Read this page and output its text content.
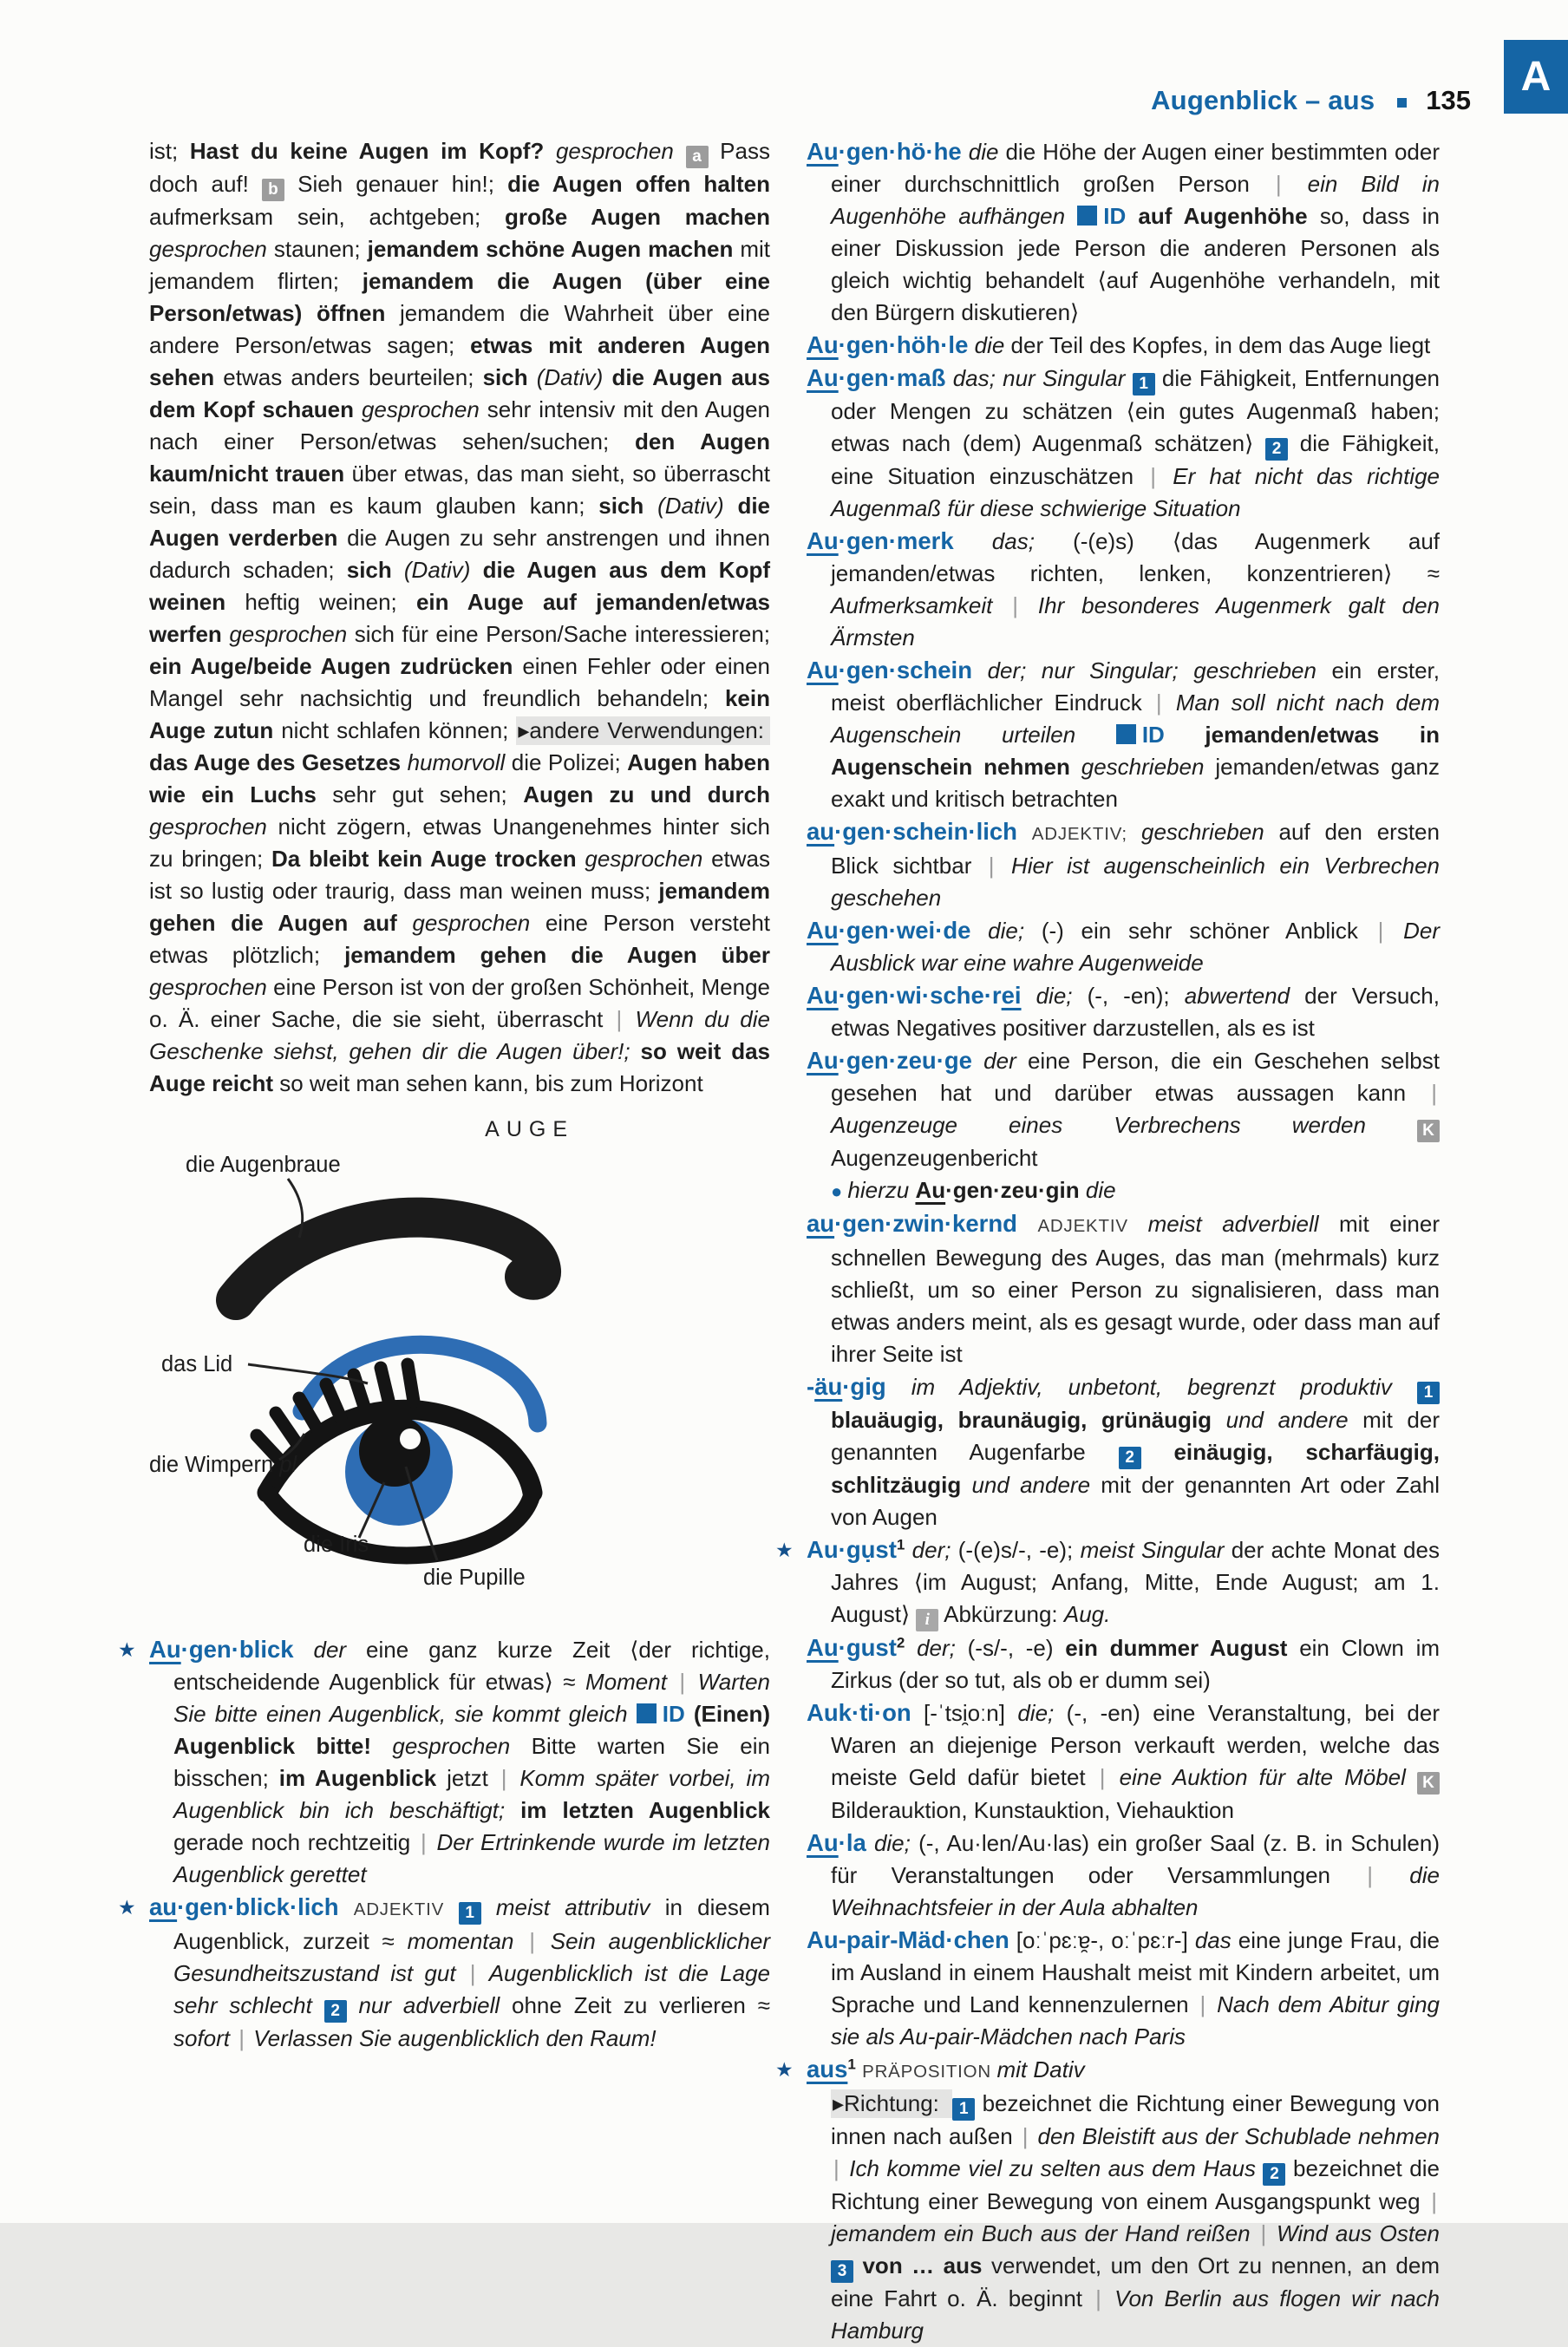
Augenblick – aus 135
A

ist; Hast du keine Augen im Kopf? gesprochen a Pass doch auf! b Sieh genauer hin!; die Augen offen halten aufmerksam sein, achtgeben; große Augen machen gesprochen staunen; jemandem schöne Augen machen mit jemandem flirten; jemandem die Augen (über eine Person/etwas) öffnen jemandem die Wahrheit über eine andere Person/etwas sagen; etwas mit anderen Augen sehen etwas anders beurteilen; sich (Dativ) die Augen aus dem Kopf schauen gesprochen sehr intensiv mit den Augen nach einer Person/etwas sehen/suchen; den Augen kaum/nicht trauen über etwas, das man sieht, so überrascht sein, dass man es kaum glauben kann; sich (Dativ) die Augen verderben die Augen zu sehr anstrengen und ihnen dadurch schaden; sich (Dativ) die Augen aus dem Kopf weinen heftig weinen; ein Auge auf jemanden/etwas werfen gesprochen sich für eine Person/Sache interessieren; ein Auge/beide Augen zudrücken einen Fehler oder einen Mangel sehr nachsichtig und freundlich behandeln; kein Auge zutun nicht schlafen können; ▸andere Verwendungen: das Auge des Gesetzes humorvoll die Polizei; Augen haben wie ein Luchs sehr gut sehen; Augen zu und durch gesprochen nicht zögern, etwas Unangenehmes hinter sich zu bringen; Da bleibt kein Auge trocken gesprochen etwas ist so lustig oder traurig, dass man weinen muss; jemandem gehen die Augen auf gesprochen eine Person versteht etwas plötzlich; jemandem gehen die Augen über gesprochen eine Person ist von der großen Schönheit, Menge o. Ä. einer Sache, die sie sieht, überrascht | Wenn du die Geschenke siehst, gehen dir die Augen über!; so weit das Auge reicht so weit man sehen kann, bis zum Horizont

AUGE
die Augenbraue
das Lid
die Wimpern pl
die Iris
die Pupille

★ Au·gen·blick der eine ganz kurze Zeit ⟨der richtige, entscheidende Augenblick für etwas⟩ ≈ Moment | Warten Sie bitte einen Augenblick, sie kommt gleich ID (Einen) Augenblick bitte! gesprochen Bitte warten Sie ein bisschen; im Augenblick jetzt | Komm später vorbei, im Augenblick bin ich beschäftigt; im letzten Augenblick gerade noch rechtzeitig | Der Ertrinkende wurde im letzten Augenblick gerettet

★ au·gen·blick·lich ADJEKTIV 1 meist attributiv in diesem Augenblick, zurzeit ≈ momentan | Sein augenblicklicher Gesundheitszustand ist gut | Augenblicklich ist die Lage sehr schlecht 2 nur adverbiell ohne Zeit zu verlieren ≈ sofort | Verlassen Sie augenblicklich den Raum!

Au·gen·hö·he die die Höhe der Augen einer bestimmten oder einer durchschnittlich großen Person | ein Bild in Augenhöhe aufhängen ID auf Augenhöhe so, dass in einer Diskussion jede Person die anderen Personen als gleich wichtig behandelt ⟨auf Augenhöhe verhandeln, mit den Bürgern diskutieren⟩

Au·gen·höh·le die der Teil des Kopfes, in dem das Auge liegt

Au·gen·maß das; nur Singular 1 die Fähigkeit, Entfernungen oder Mengen zu schätzen ⟨ein gutes Augenmaß haben; etwas nach (dem) Augenmaß schätzen⟩ 2 die Fähigkeit, eine Situation einzuschätzen | Er hat nicht das richtige Augenmaß für diese schwierige Situation

Au·gen·merk das; (-(e)s) ⟨das Augenmerk auf jemanden/etwas richten, lenken, konzentrieren⟩ ≈ Aufmerksamkeit | Ihr besonderes Augenmerk galt den Ärmsten

Au·gen·schein der; nur Singular; geschrieben ein erster, meist oberflächlicher Eindruck | Man soll nicht nach dem Augenschein urteilen ID jemanden/etwas in Augenschein nehmen geschrieben jemanden/etwas ganz exakt und kritisch betrachten

au·gen·schein·lich ADJEKTIV; geschrieben auf den ersten Blick sichtbar | Hier ist augenscheinlich ein Verbrechen geschehen

Au·gen·wei·de die; (-) ein sehr schöner Anblick | Der Ausblick war eine wahre Augenweide

Au·gen·wi·sche·rei die; (-, -en); abwertend der Versuch, etwas Negatives positiver darzustellen, als es ist

Au·gen·zeu·ge der eine Person, die ein Geschehen selbst gesehen hat und darüber etwas aussagen kann | Augenzeuge eines Verbrechens werden K Augenzeugenbericht
● hierzu Au·gen·zeu·gin die

au·gen·zwin·kernd ADJEKTIV meist adverbiell mit einer schnellen Bewegung des Auges, das man (mehrmals) kurz schließt, um so einer Person zu signalisieren, dass man etwas anders meint, als es gesagt wurde, oder dass man auf ihrer Seite ist

-äu·gig im Adjektiv, unbetont, begrenzt produktiv 1 blauäugig, braunäugig, grünäugig und andere mit der genannten Augenfarbe 2 einäugig, scharfäugig, schlitzäugig und andere mit der genannten Art oder Zahl von Augen

★ Au·gụst$^1$ der; (-(e)s/-, -e); meist Singular der achte Monat des Jahres ⟨im August; Anfang, Mitte, Ende August; am 1. August⟩ i Abkürzung: Aug.

Au·gust$^2$ der; (-s/-, -e) ein dummer August ein Clown im Zirkus (der so tut, als ob er dumm sei)

Auk·ti·on [-ˈtsi̯oːn] die; (-, -en) eine Veranstaltung, bei der Waren an diejenige Person verkauft werden, welche das meiste Geld dafür bietet | eine Auktion für alte Möbel K Bilderauktion, Kunstauktion, Viehauktion

Au·la die; (-, Au·len/Au·las) ein großer Saal (z. B. in Schulen) für Veranstaltungen oder Versammlungen | die Weihnachtsfeier in der Aula abhalten

Au-pair-Mäd·chen [oːˈpɛːɐ̯-, oːˈpɛːr-] das eine junge Frau, die im Ausland in einem Haushalt meist mit Kindern arbeitet, um Sprache und Land kennenzulernen | Nach dem Abitur ging sie als Au-pair-Mädchen nach Paris

★ aus$^1$ PRÄPOSITION mit Dativ
▸Richtung: 1 bezeichnet die Richtung einer Bewegung von innen nach außen | den Bleistift aus der Schublade nehmen | Ich komme viel zu selten aus dem Haus 2 bezeichnet die Richtung einer Bewegung von einem Ausgangspunkt weg | jemandem ein Buch aus der Hand reißen | Wind aus Osten 3 von … aus verwendet, um den Ort zu nennen, an dem eine Fahrt o. Ä. beginnt | Von Berlin aus flogen wir nach Hamburg
